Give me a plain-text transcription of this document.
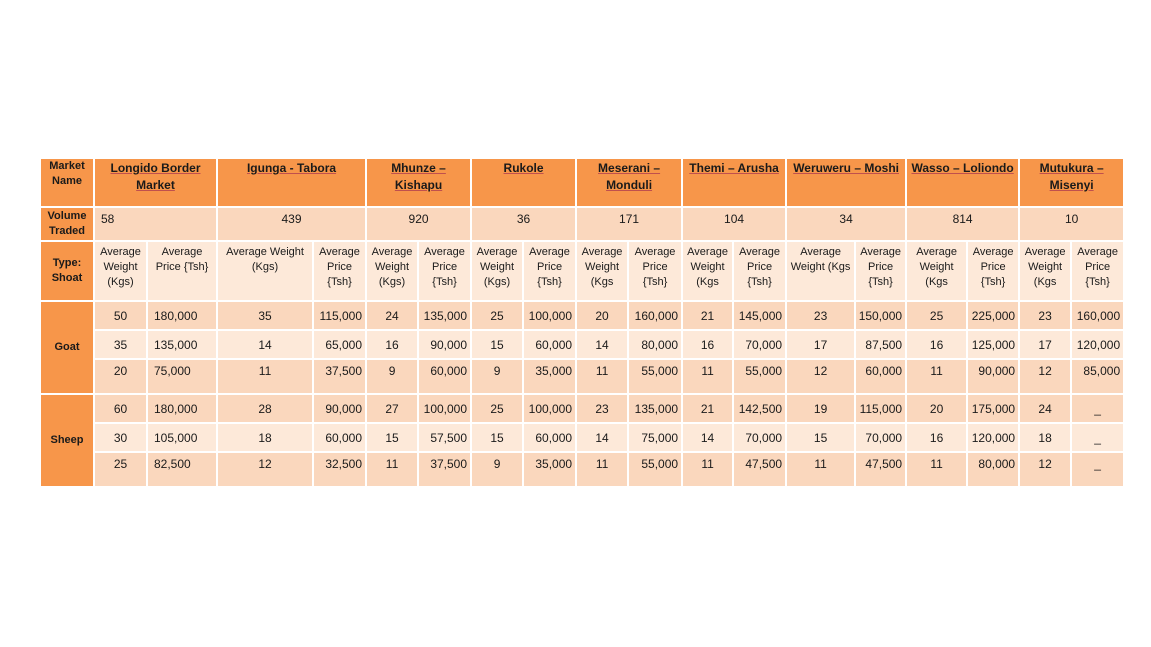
Market Name	Longido Border Market		Igunga - Tabora		Mhunze – Kishapu		Rukole		Meserani – Monduli		Themi – Arusha		Weruweru – Moshi		Wasso – Loliondo		Mutukura – Misenyi	

Volume Traded	58		439		920		36		171		104		34		814		10	

Type: Shoat	Average Weight (Kgs)	Average Price {Tsh}	Average Weight (Kgs)	Average Price {Tsh}	Average Weight (Kgs)	Average Price {Tsh}	Average Weight (Kgs)	Average Price {Tsh}	Average Weight (Kgs	Average Price {Tsh}	Average Weight (Kgs	Average Price {Tsh}	Average Weight (Kgs	Average Price {Tsh}	Average Weight (Kgs	Average Price {Tsh}	Average Weight (Kgs	Average Price {Tsh}

Goat	50	180,000	35	115,000	24	135,000	25	100,000	20	160,000	21	145,000	23	150,000	25	225,000	23	160,000
	35	135,000	14	65,000	16	90,000	15	60,000	14	80,000	16	70,000	17	87,500	16	125,000	17	120,000

	20	75,000	11	37,500	9	60,000	9	35,000	11	55,000	11	55,000	12	60,000	11	90,000	12	85,000

Sheep	60	180,000	28	90,000	27	100,000	25	100,000	23	135,000	21	142,500	19	115,000	20	175,000	24	_
	30	105,000	18	60,000	15	57,500	15	60,000	14	75,000	14	70,000	15	70,000	16	120,000	18	_

	25	82,500	12	32,500	11	37,500	9	35,000	11	55,000	11	47,500	11	47,500	11	80,000	12	_
